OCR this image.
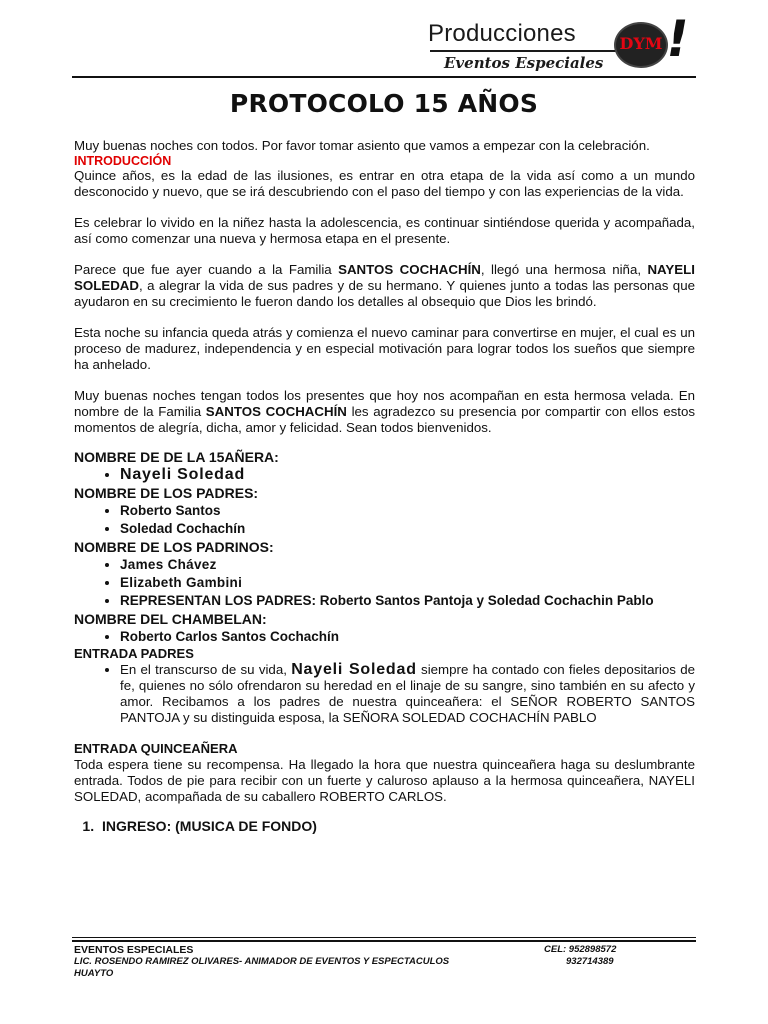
Producciones
Eventos Especiales
DYM
!
PROTOCOLO 15 AÑOS

Muy buenas noches con todos. Por favor tomar asiento que vamos a empezar con la celebración.

INTRODUCCIÓN

Quince años, es la edad de las ilusiones, es entrar en otra etapa de la vida así como a un mundo desconocido y nuevo, que se irá descubriendo con el paso del tiempo y con las experiencias de la vida.

Es celebrar lo vivido en la niñez hasta la adolescencia, es continuar sintiéndose querida y acompañada, así como comenzar una nueva y hermosa etapa en el presente.

Parece que fue ayer cuando a la Familia SANTOS COCHACHÍN, llegó una hermosa niña, NAYELI SOLEDAD, a alegrar la vida de sus padres y de su hermano. Y quienes junto a todas las personas que ayudaron en su crecimiento le fueron dando los detalles al obsequio que Dios les brindó.

Esta noche su infancia queda atrás y comienza el nuevo caminar para convertirse en mujer, el cual es un proceso de madurez, independencia y en especial motivación para lograr todos los sueños que siempre ha anhelado.

Muy buenas noches tengan todos los presentes que hoy nos acompañan en esta hermosa velada. En nombre de la Familia SANTOS COCHACHÍN les agradezco su presencia por compartir con ellos estos momentos de alegría, dicha, amor y felicidad. Sean todos bienvenidos.

NOMBRE DE DE LA 15AÑERA:

• Nayeli Soledad

NOMBRE DE LOS PADRES:

• Roberto Santos
• Soledad Cochachín

NOMBRE DE LOS PADRINOS:

• James Chávez
• Elizabeth Gambini
• REPRESENTAN LOS PADRES: Roberto Santos Pantoja y Soledad Cochachin Pablo

NOMBRE DEL CHAMBELAN:

• Roberto Carlos Santos Cochachín

ENTRADA PADRES

• En el transcurso de su vida, Nayeli Soledad siempre ha contado con fieles depositarios de fe, quienes no sólo ofrendaron su heredad en el linaje de su sangre, sino también en su afecto y amor. Recibamos a los padres de nuestra quinceañera: el SEÑOR ROBERTO SANTOS PANTOJA y su distinguida esposa, la SEÑORA SOLEDAD COCHACHÍN PABLO

ENTRADA QUINCEAÑERA

Toda espera tiene su recompensa. Ha llegado la hora que nuestra quinceañera haga su deslumbrante entrada. Todos de pie para recibir con un fuerte y caluroso aplauso a la hermosa quinceañera, NAYELI SOLEDAD, acompañada de su caballero ROBERTO CARLOS.

1. INGRESO: (MUSICA DE FONDO)
EVENTOS ESPECIALES
LIC. ROSENDO RAMIREZ OLIVARES- ANIMADOR DE EVENTOS Y ESPECTACULOS
HUAYTO
CEL: 952898572
932714389
